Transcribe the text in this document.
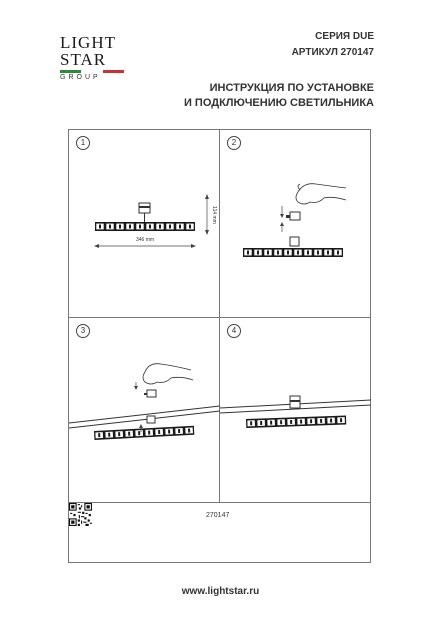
LIGHT
STAR
GROUP
СЕРИЯ DUE
АРТИКУЛ 270147
ИНСТРУКЦИЯ ПО УСТАНОВКЕ
И ПОДКЛЮЧЕНИЮ СВЕТИЛЬНИКА
1
346 mm
114 mm
2
3	4
270147
www.lightstar.ru
